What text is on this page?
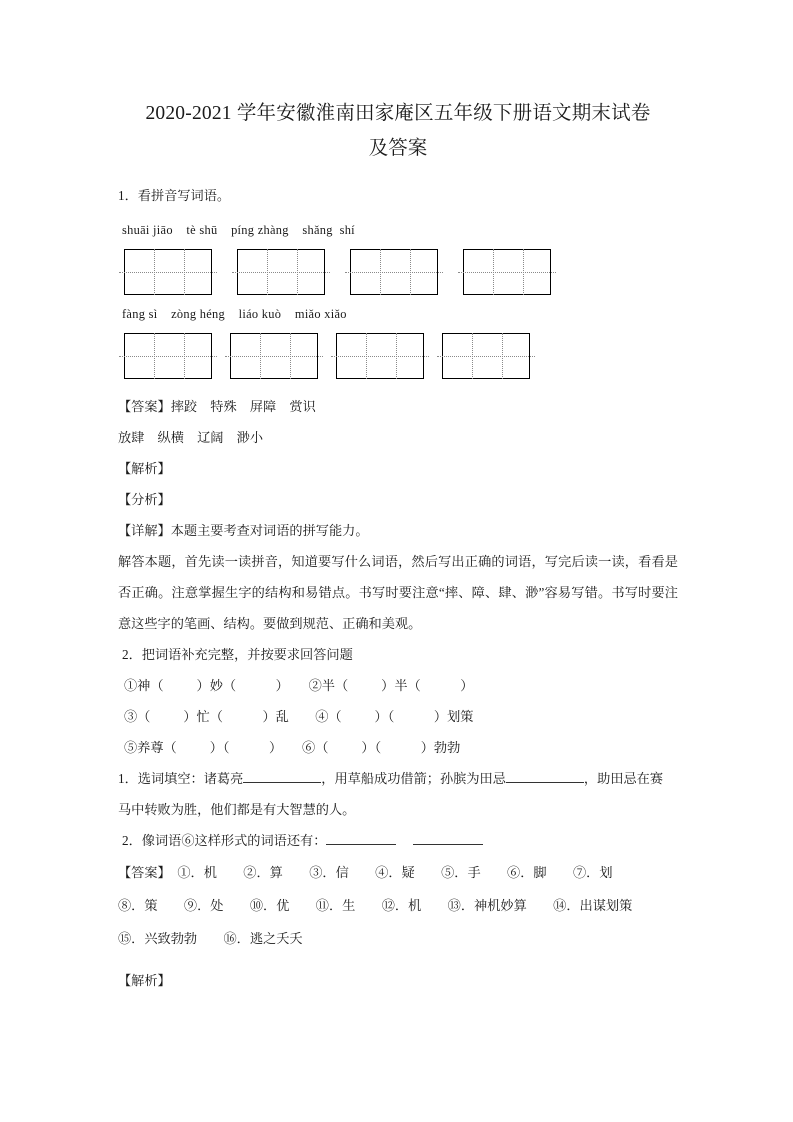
2020-2021 学年安徽淮南田家庵区五年级下册语文期末试卷
及答案
1．看拼音写词语。
shuāi jiāo    tè shū    píng zhàng    shǎng  shí
fàng sì    zòng héng    liáo kuò    miǎo xiǎo
【答案】摔跤　特殊　屏障　赏识
放肆　纵横　辽阔　渺小
【解析】
【分析】
【详解】本题主要考查对词语的拼写能力。
解答本题，首先读一读拼音，知道要写什么词语，然后写出正确的词语，写完后读一读，看看是否正确。注意掌握生字的结构和易错点。书写时要注意“摔、障、肆、渺”容易写错。书写时要注意这些字的笔画、结构。要做到规范、正确和美观。
2．把词语补充完整，并按要求回答问题
①神（          ）妙（            ）　　②半（          ）半（            ）
③（          ）忙（            ）乱　　④（          ）（            ）划策
⑤养尊（          ）（            ）　　⑥（          ）（            ）勃勃
1．选词填空：诸葛亮	，用草船成功借箭；孙膑为田忌	，助田忌在赛
马中转败为胜，他们都是有大智慧的人。
2．像词语⑥这样形式的词语还有：
【答案】　 ①．机　　②．算　　③．信　　④．疑　　⑤．手　　⑥．脚　　⑦．划
⑧．策　　⑨．处　　⑩．优　　⑪．生　　⑫．机　　⑬．神机妙算　　⑭．出谋划策
⑮．兴致勃勃　　⑯．逃之夭夭
【解析】
